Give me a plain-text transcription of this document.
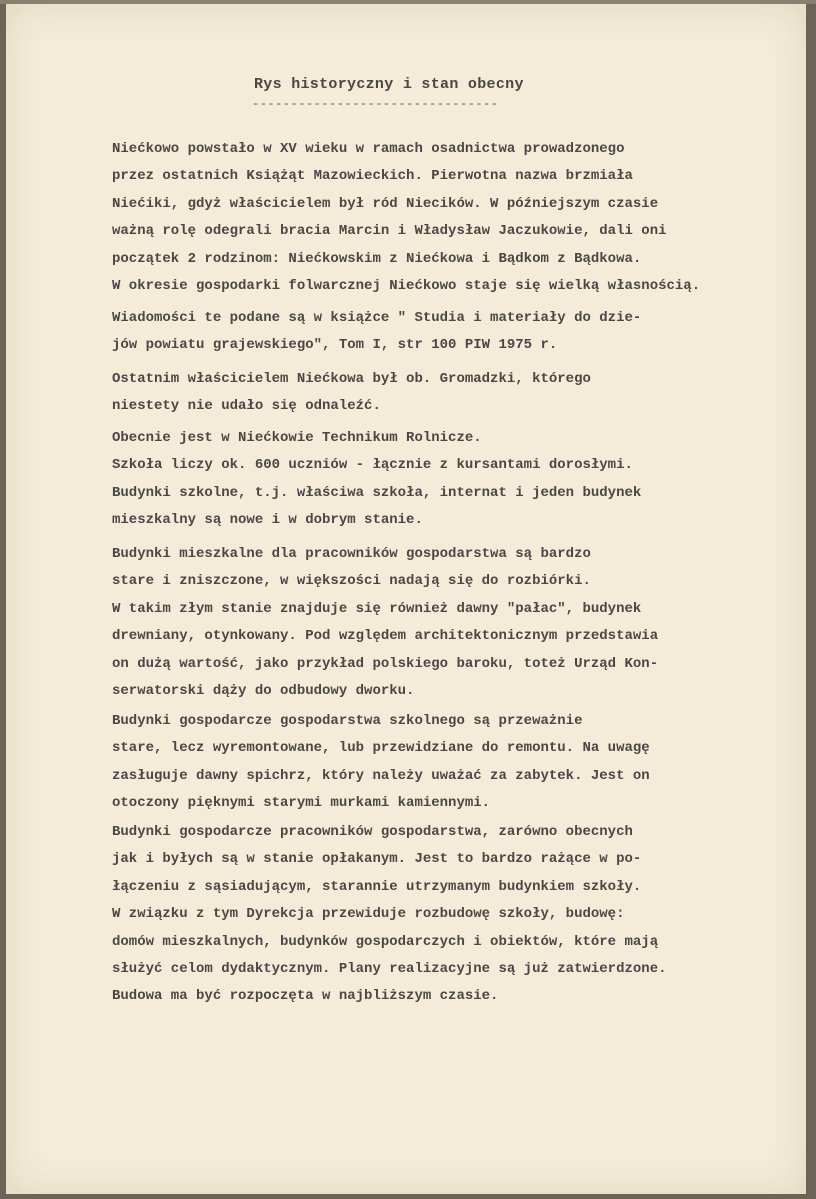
Rys historyczny i stan obecny
--------------------------------

Niećkowo powstało w XV wieku w ramach osadnictwa prowadzonego
przez ostatnich Książąt Mazowieckich. Pierwotna nazwa brzmiała
Niećiki, gdyż właścicielem był ród Niecików. W późniejszym czasie
ważną rolę odegrali bracia Marcin i Władysław Jaczukowie, dali oni
początek 2 rodzinom: Niećkowskim z Niećkowa i Bądkom z Bądkowa.
W okresie gospodarki folwarcznej Niećkowo staje się wielką własnością.

Wiadomości te podane są w książce " Studia i materiały do dzie-
jów powiatu grajewskiego", Tom I, str 100 PIW 1975 r.

Ostatnim właścicielem Niećkowa był ob. Gromadzki, którego
niestety nie udało się odnaleźć.

Obecnie jest w Niećkowie Technikum Rolnicze.
Szkoła liczy ok. 600 uczniów - łącznie z kursantami dorosłymi.
Budynki szkolne, t.j. właściwa szkoła, internat i jeden budynek
mieszkalny są nowe i w dobrym stanie.

Budynki mieszkalne dla pracowników gospodarstwa są bardzo
stare i zniszczone, w większości nadają się do rozbiórki.
W takim złym stanie znajduje się również dawny "pałac", budynek
drewniany, otynkowany. Pod względem architektonicznym przedstawia
on dużą wartość, jako przykład polskiego baroku, toteż Urząd Kon-
serwatorski dąży do odbudowy dworku.

Budynki gospodarcze gospodarstwa szkolnego są przeważnie
stare, lecz wyremontowane, lub przewidziane do remontu. Na uwagę
zasługuje dawny spichrz, który należy uważać za zabytek. Jest on
otoczony pięknymi starymi murkami kamiennymi.

Budynki gospodarcze pracowników gospodarstwa, zarówno obecnych
jak i byłych są w stanie opłakanym. Jest to bardzo rażące w po-
łączeniu z sąsiadującym, starannie utrzymanym budynkiem szkoły.
W związku z tym Dyrekcja przewiduje rozbudowę szkoły, budowę:
domów mieszkalnych, budynków gospodarczych i obiektów, które mają
służyć celom dydaktycznym. Plany realizacyjne są już zatwierdzone.
Budowa ma być rozpoczęta w najbliższym czasie.
